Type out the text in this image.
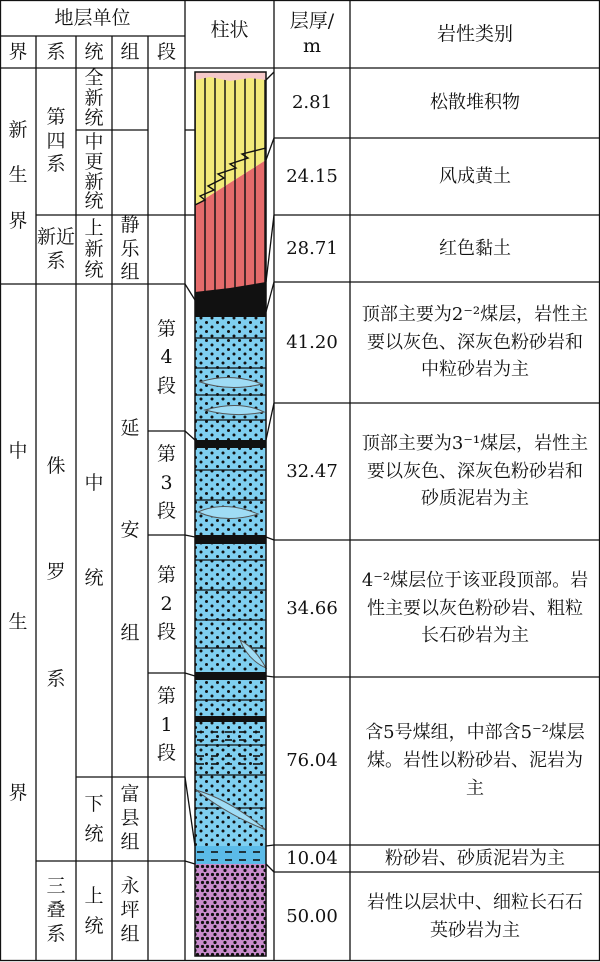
地层单位
界 系 统 组 段
柱状	层厚/
m
岩性类别
新生界
中生界
第四系
新近系
侏罗系
三叠系
全新统
中更新统
上新统
中统
下统
上统
静乐组
延安组
富县组
永坪组
第4段
第3段
第2段
第1段
2.81
24.15
28.71
41.20
32.47
34.66
76.04
10.04
50.00
松散堆积物
风成黄土
红色黏土
顶部主要为2⁻²煤层，岩性主要以灰色、深灰色粉砂岩和中粒砂岩为主
顶部主要为3⁻¹煤层，岩性主要以灰色、深灰色粉砂岩和砂质泥岩为主
4⁻²煤层位于该亚段顶部。岩性主要以灰色粉砂岩、粗粒长石砂岩为主
含5号煤组，中部含5⁻²煤层煤。岩性以粉砂岩、泥岩为主
粉砂岩、砂质泥岩为主
岩性以层状中、细粒长石石英砂岩为主
